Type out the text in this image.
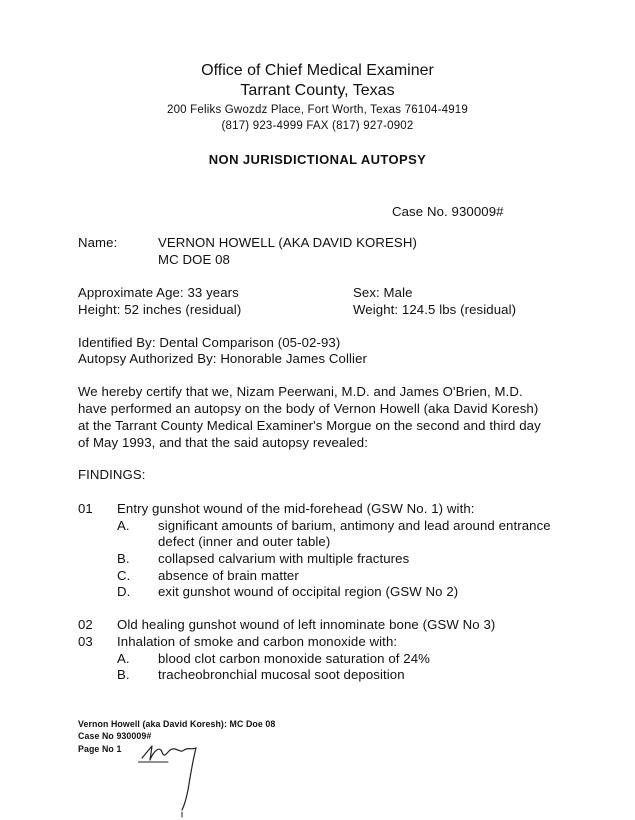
Office of Chief Medical Examiner
Tarrant County, Texas
200 Feliks Gwozdz Place, Fort Worth, Texas 76104-4919
(817) 923-4999 FAX (817) 927-0902
NON JURISDICTIONAL AUTOPSY
Case No. 930009#
Name:	VERNON HOWELL (AKA DAVID KORESH)
MC DOE 08
Approximate Age: 33 years	Sex: Male
Height: 52 inches (residual)	Weight: 124.5 lbs (residual)
Identified By: Dental Comparison (05-02-93)
Autopsy Authorized By: Honorable James Collier
We hereby certify that we, Nizam Peerwani, M.D. and James O'Brien, M.D.
have performed an autopsy on the body of Vernon Howell (aka David Koresh)
at the Tarrant County Medical Examiner's Morgue on the second and third day
of May 1993, and that the said autopsy revealed:
FINDINGS:
01 Entry gunshot wound of the mid-forehead (GSW No. 1) with:
A. significant amounts of barium, antimony and lead around entrance
defect (inner and outer table)
B. collapsed calvarium with multiple fractures
C. absence of brain matter
D. exit gunshot wound of occipital region (GSW No 2)
02 Old healing gunshot wound of left innominate bone (GSW No 3)
03 Inhalation of smoke and carbon monoxide with:
A. blood clot carbon monoxide saturation of 24%
B. tracheobronchial mucosal soot deposition
Vernon Howell (aka David Koresh): MC Doe 08
Case No 930009#
Page No 1
